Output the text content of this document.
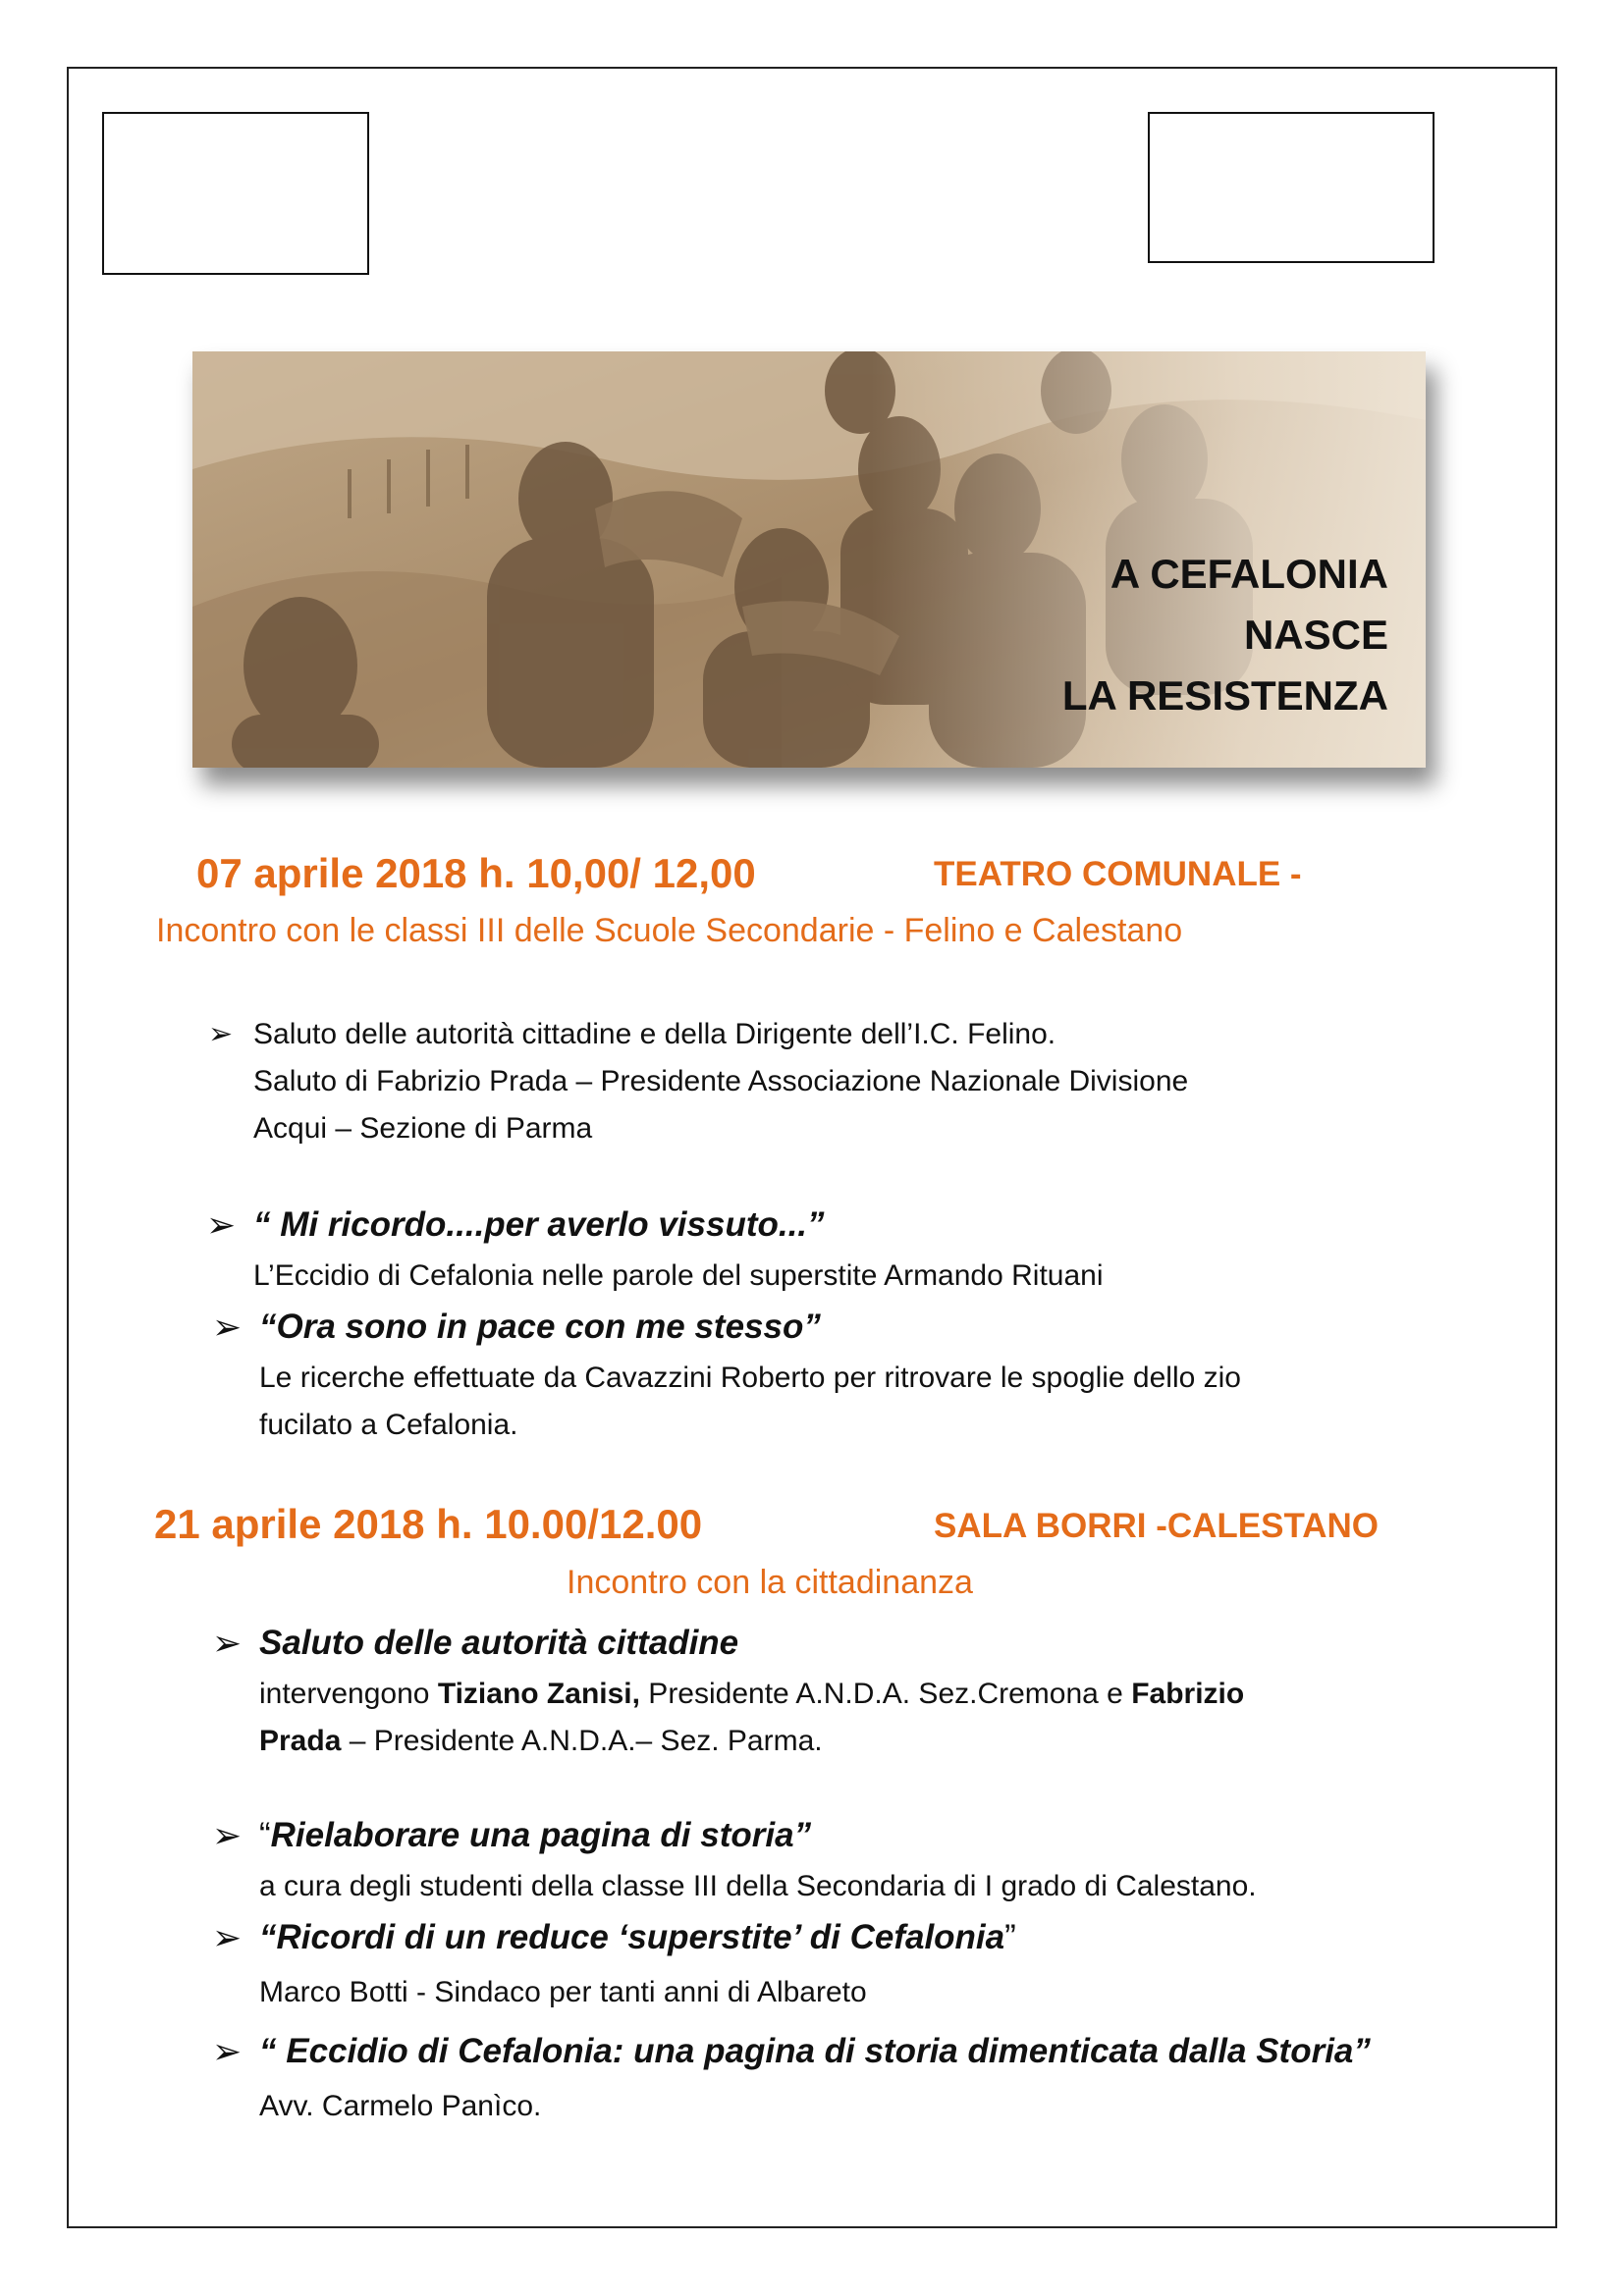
A CEFALONIA
NASCE
LA RESISTENZA
07 aprile 2018 h. 10,00/ 12,00	TEATRO COMUNALE -
Incontro con le classi III delle Scuole Secondarie - Felino e Calestano
➢ Saluto delle autorità cittadine e della Dirigente dell’I.C. Felino.
Saluto di Fabrizio Prada – Presidente Associazione Nazionale Divisione
Acqui – Sezione di Parma
➢ “ Mi ricordo....per averlo vissuto...”
L’Eccidio di Cefalonia nelle parole del superstite Armando Rituani
➢ “Ora sono in pace con me stesso”
Le ricerche effettuate da Cavazzini Roberto per ritrovare le spoglie dello zio
fucilato a Cefalonia.
21 aprile 2018 h. 10.00/12.00	SALA BORRI -CALESTANO
Incontro con la cittadinanza
➢ Saluto delle autorità cittadine
intervengono Tiziano Zanisi, Presidente A.N.D.A. Sez.Cremona e Fabrizio
Prada – Presidente A.N.D.A.– Sez. Parma.
➢ “Rielaborare una pagina di storia”
a cura degli studenti della classe III della Secondaria di I grado di Calestano.
➢ “Ricordi di un reduce ‘superstite’ di Cefalonia”
Marco Botti - Sindaco per tanti anni di Albareto
➢ “ Eccidio di Cefalonia: una pagina di storia dimenticata dalla Storia”
Avv. Carmelo Panìco.
